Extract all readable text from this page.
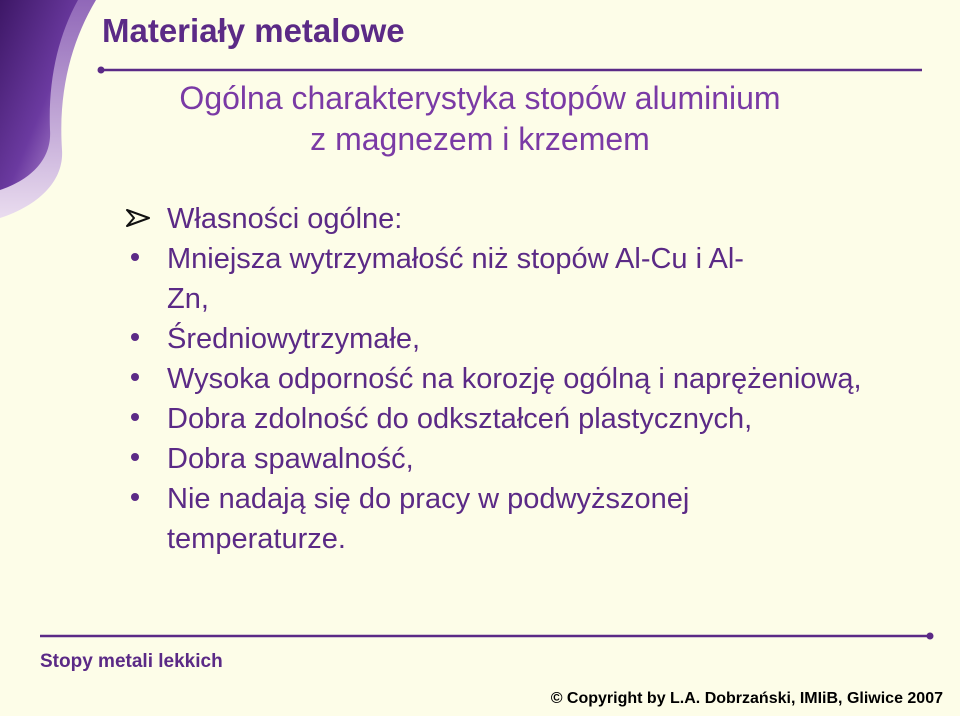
Materiały metalowe
Ogólna charakterystyka stopów aluminium
z magnezem i krzemem
Własności ogólne:
Mniejsza wytrzymałość niż stopów Al-Cu i Al-Zn,
Średniowytrzymałe,
Wysoka odporność na korozję ogólną i naprężeniową,
Dobra zdolność do odkształceń plastycznych,
Dobra spawalność,
Nie nadają się do pracy w podwyższonej temperaturze.
Stopy metali lekkich
© Copyright by L.A. Dobrzański, IMIiB, Gliwice 2007
